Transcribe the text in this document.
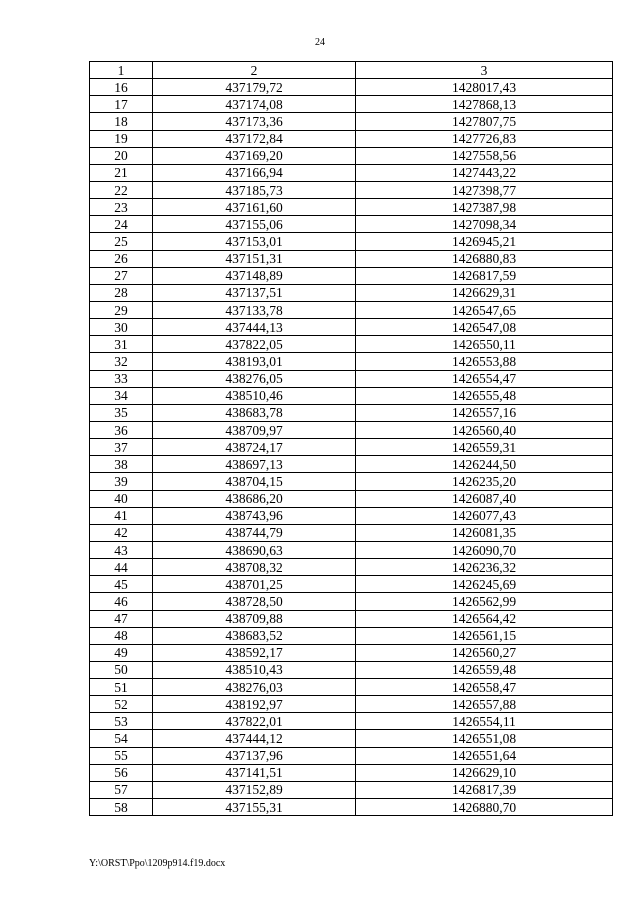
24
1	2	3
16	437179,72	1428017,43
17	437174,08	1427868,13
18	437173,36	1427807,75
19	437172,84	1427726,83
20	437169,20	1427558,56
21	437166,94	1427443,22
22	437185,73	1427398,77
23	437161,60	1427387,98
24	437155,06	1427098,34
25	437153,01	1426945,21
26	437151,31	1426880,83
27	437148,89	1426817,59
28	437137,51	1426629,31
29	437133,78	1426547,65
30	437444,13	1426547,08
31	437822,05	1426550,11
32	438193,01	1426553,88
33	438276,05	1426554,47
34	438510,46	1426555,48
35	438683,78	1426557,16
36	438709,97	1426560,40
37	438724,17	1426559,31
38	438697,13	1426244,50
39	438704,15	1426235,20
40	438686,20	1426087,40
41	438743,96	1426077,43
42	438744,79	1426081,35
43	438690,63	1426090,70
44	438708,32	1426236,32
45	438701,25	1426245,69
46	438728,50	1426562,99
47	438709,88	1426564,42
48	438683,52	1426561,15
49	438592,17	1426560,27
50	438510,43	1426559,48
51	438276,03	1426558,47
52	438192,97	1426557,88
53	437822,01	1426554,11
54	437444,12	1426551,08
55	437137,96	1426551,64
56	437141,51	1426629,10
57	437152,89	1426817,39
58	437155,31	1426880,70
Y:\ORST\Ppo\1209p914.f19.docx
